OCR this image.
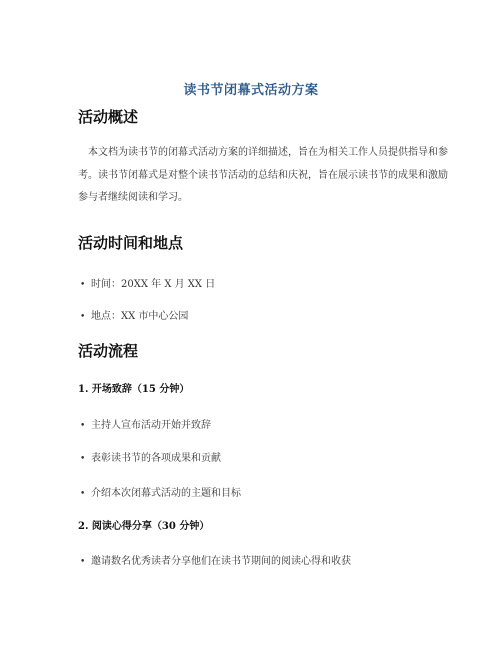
读书节闭幕式活动方案
活动概述
本文档为读书节的闭幕式活动方案的详细描述，旨在为相关工作人员提供指导和参考。读书节闭幕式是对整个读书节活动的总结和庆祝，旨在展示读书节的成果和激励参与者继续阅读和学习。
活动时间和地点
• 时间：20XX 年 X 月 XX 日
• 地点：XX 市中心公园
活动流程
1. 开场致辞（15 分钟）
• 主持人宣布活动开始并致辞
• 表彰读书节的各项成果和贡献
• 介绍本次闭幕式活动的主题和目标
2. 阅读心得分享（30 分钟）
• 邀请数名优秀读者分享他们在读书节期间的阅读心得和收获
